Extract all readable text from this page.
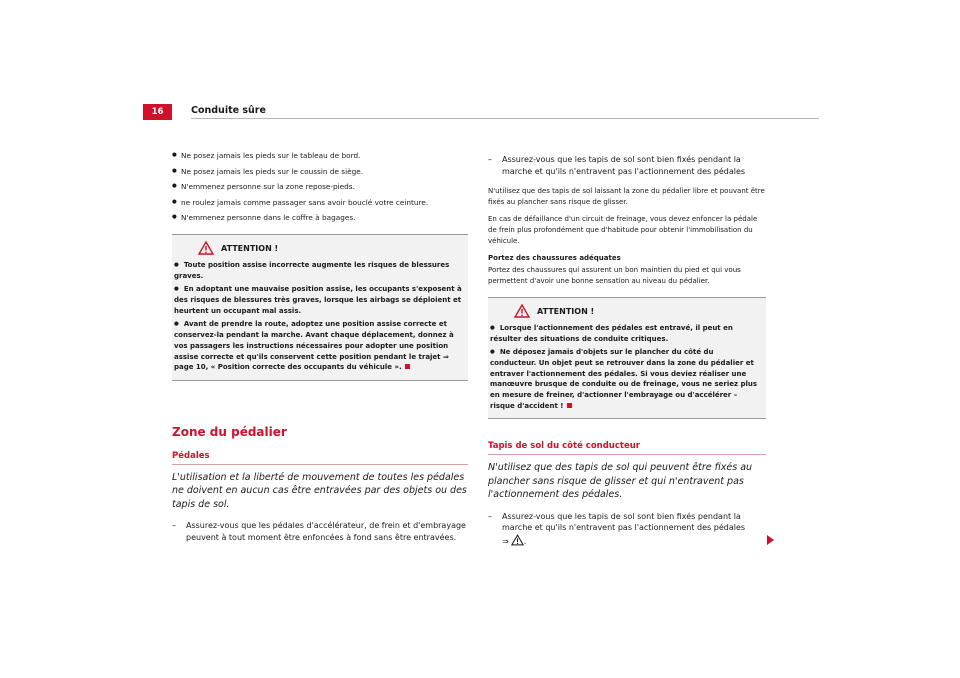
16	Conduite sûre
● Ne posez jamais les pieds sur le tableau de bord.
● Ne posez jamais les pieds sur le coussin de siège.
● N'emmenez personne sur la zone repose-pieds.
● ne roulez jamais comme passager sans avoir bouclé votre ceinture.
● N'emmenez personne dans le coffre à bagages.
ATTENTION !
● Toute position assise incorrecte augmente les risques de blessures graves.
● En adoptant une mauvaise position assise, les occupants s'exposent à des risques de blessures très graves, lorsque les airbags se déploient et heurtent un occupant mal assis.
● Avant de prendre la route, adoptez une position assise correcte et conservez-la pendant la marche. Avant chaque déplacement, donnez à vos passagers les instructions nécessaires pour adopter une position assise correcte et qu'ils conservent cette position pendant le trajet ⇒ page 10, « Position correcte des occupants du véhicule ».
Zone du pédalier
Pédales

L'utilisation et la liberté de mouvement de toutes les pédales ne doivent en aucun cas être entravées par des objets ou des tapis de sol.

– Assurez-vous que les pédales d'accélérateur, de frein et d'embrayage peuvent à tout moment être enfoncées à fond sans être entravées.

– Assurez-vous que les tapis de sol sont bien fixés pendant la marche et qu'ils n'entravent pas l'actionnement des pédales

N'utilisez que des tapis de sol laissant la zone du pédalier libre et pouvant être fixés au plancher sans risque de glisser.

En cas de défaillance d'un circuit de freinage, vous devez enfoncer la pédale de frein plus profondément que d'habitude pour obtenir l'immobilisation du véhicule.

Portez des chaussures adéquates

Portez des chaussures qui assurent un bon maintien du pied et qui vous permettent d'avoir une bonne sensation au niveau du pédalier.

ATTENTION !
● Lorsque l'actionnement des pédales est entravé, il peut en résulter des situations de conduite critiques.
● Ne déposez jamais d'objets sur le plancher du côté du conducteur. Un objet peut se retrouver dans la zone du pédalier et entraver l'actionnement des pédales. Si vous deviez réaliser une manœuvre brusque de conduite ou de freinage, vous ne seriez plus en mesure de freiner, d'actionner l'embrayage ou d'accélérer – risque d'accident !
Tapis de sol du côté conducteur

N'utilisez que des tapis de sol qui peuvent être fixés au plancher sans risque de glisser et qui n'entravent pas l'actionnement des pédales.

– Assurez-vous que les tapis de sol sont bien fixés pendant la marche et qu'ils n'entravent pas l'actionnement des pédales
⇒ .
